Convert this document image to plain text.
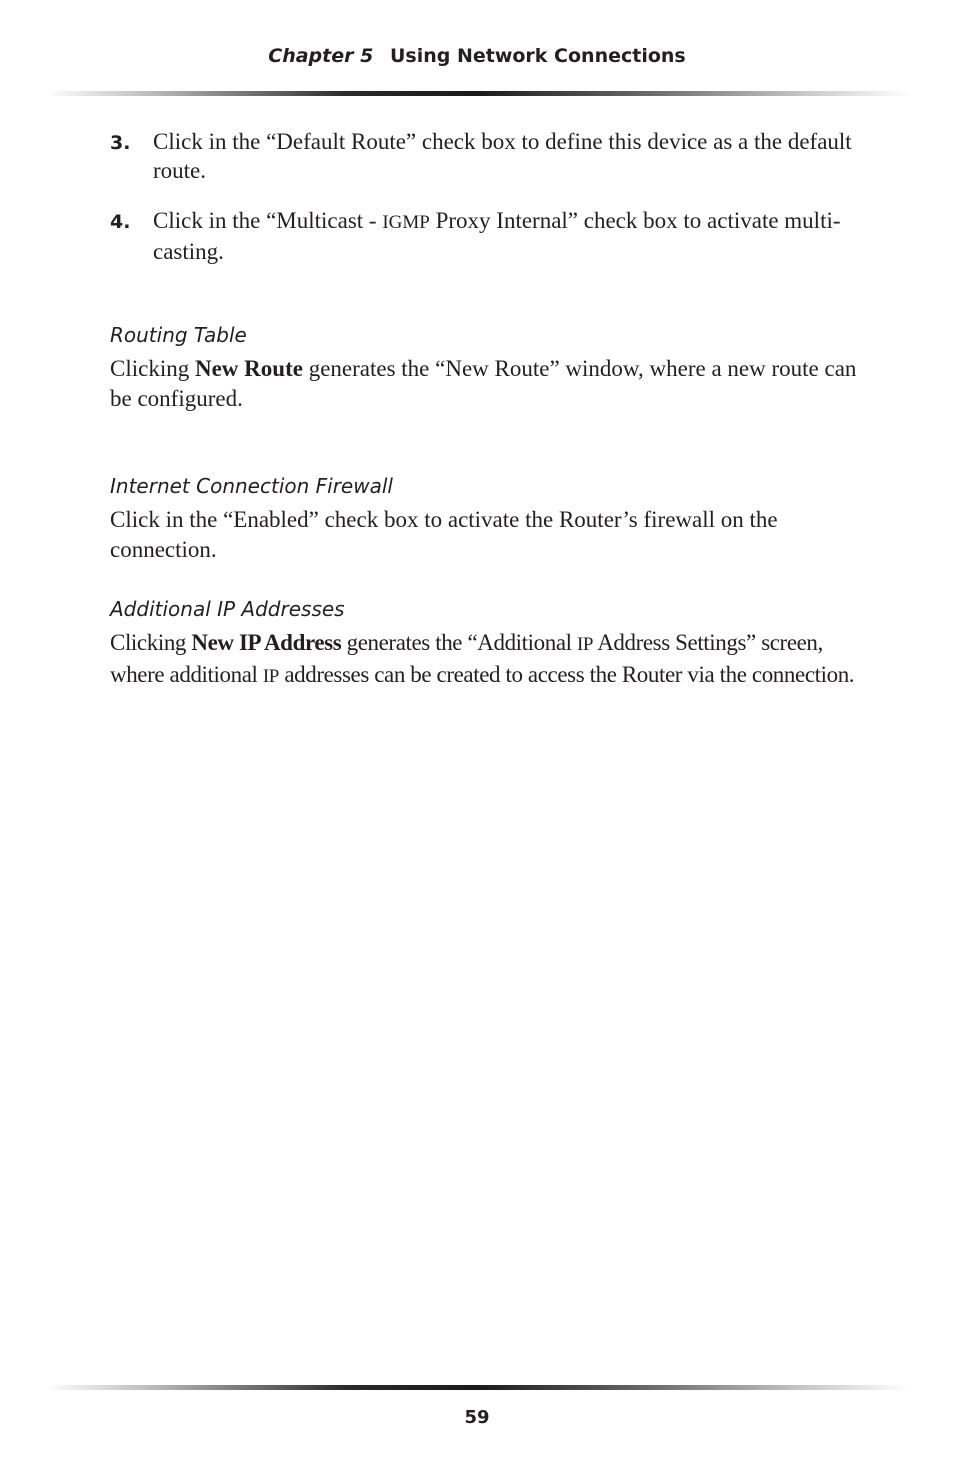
Chapter 5 Using Network Connections
3. Click in the “Default Route” check box to define this device as a the default route.
4. Click in the “Multicast - IGMP Proxy Internal” check box to activate multi-casting.
Routing Table

Clicking New Route generates the “New Route” window, where a new route can be configured.

Internet Connection Firewall

Click in the “Enabled” check box to activate the Router’s firewall on the connection.

Additional IP Addresses

Clicking New IP Address generates the “Additional IP Address Settings” screen, where additional IP addresses can be created to access the Router via the connection.

59
